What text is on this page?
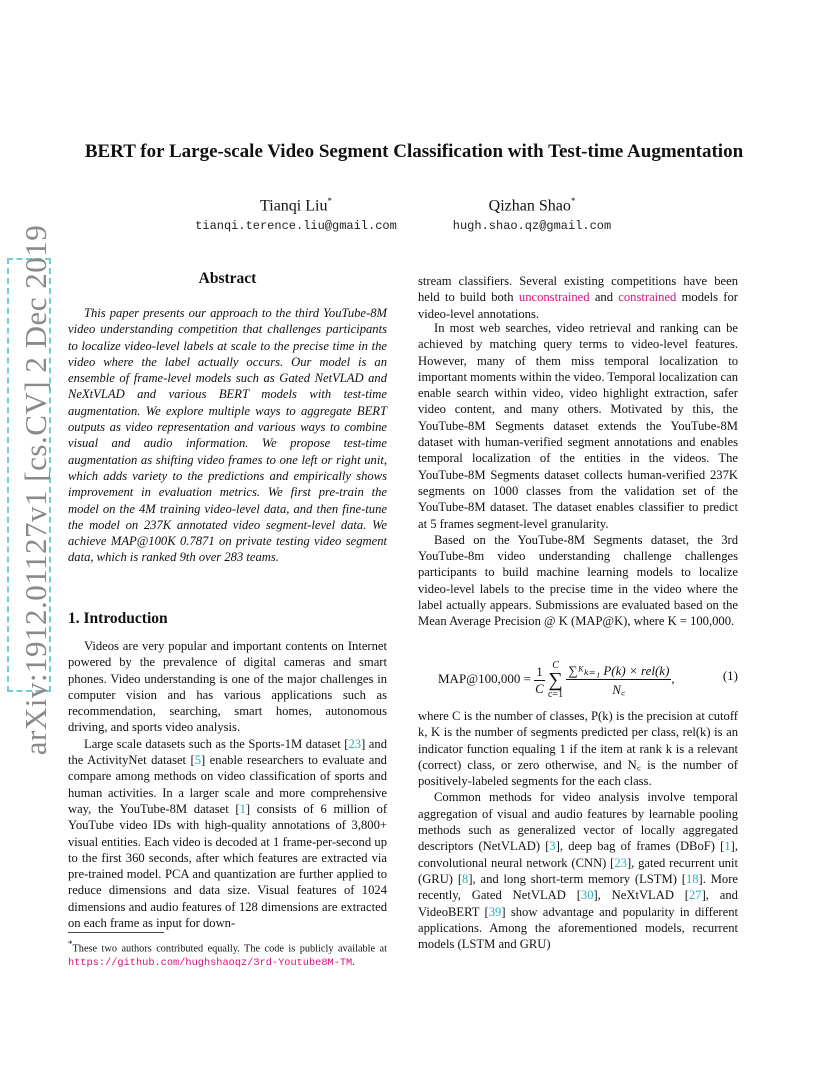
arXiv:1912.01127v1 [cs.CV] 2 Dec 2019
BERT for Large-scale Video Segment Classification with Test-time Augmentation
Tianqi Liu*
tianqi.terence.liu@gmail.com
Qizhan Shao*
hugh.shao.qz@gmail.com
Abstract
This paper presents our approach to the third YouTube-8M video understanding competition that challenges participants to localize video-level labels at scale to the precise time in the video where the label actually occurs. Our model is an ensemble of frame-level models such as Gated NetVLAD and NeXtVLAD and various BERT models with test-time augmentation. We explore multiple ways to aggregate BERT outputs as video representation and various ways to combine visual and audio information. We propose test-time augmentation as shifting video frames to one left or right unit, which adds variety to the predictions and empirically shows improvement in evaluation metrics. We first pre-train the model on the 4M training video-level data, and then fine-tune the model on 237K annotated video segment-level data. We achieve MAP@100K 0.7871 on private testing video segment data, which is ranked 9th over 283 teams.
1. Introduction

Videos are very popular and important contents on Internet powered by the prevalence of digital cameras and smart phones. Video understanding is one of the major challenges in computer vision and has various applications such as recommendation, searching, smart homes, autonomous driving, and sports video analysis.

Large scale datasets such as the Sports-1M dataset [23] and the ActivityNet dataset [5] enable researchers to evaluate and compare among methods on video classification of sports and human activities. In a larger scale and more comprehensive way, the YouTube-8M dataset [1] consists of 6 million of YouTube video IDs with high-quality annotations of 3,800+ visual entities. Each video is decoded at 1 frame-per-second up to the first 360 seconds, after which features are extracted via pre-trained model. PCA and quantization are further applied to reduce dimensions and data size. Visual features of 1024 dimensions and audio features of 128 dimensions are extracted on each frame as input for down-

*These two authors contributed equally. The code is publicly available at https://github.com/hughshaoqz/3rd-Youtube8M-TM.
stream classifiers. Several existing competitions have been held to build both unconstrained and constrained models for video-level annotations.

In most web searches, video retrieval and ranking can be achieved by matching query terms to video-level features. However, many of them miss temporal localization to important moments within the video. Temporal localization can enable search within video, video highlight extraction, safer video content, and many others. Motivated by this, the YouTube-8M Segments dataset extends the YouTube-8M dataset with human-verified segment annotations and enables temporal localization of the entities in the videos. The YouTube-8M Segments dataset collects human-verified 237K segments on 1000 classes from the validation set of the YouTube-8M dataset. The dataset enables classifier to predict at 5 frames segment-level granularity.

Based on the YouTube-8M Segments dataset, the 3rd YouTube-8m video understanding challenge challenges participants to build machine learning models to localize video-level labels to the precise time in the video where the label actually appears. Submissions are evaluated based on the Mean Average Precision @ K (MAP@K), where K = 100,000.

MAP@100,000 = $\frac{1}{C}$ C
∑
$c=1 \frac{\text{∑ᴷₖ₌₁ P(k) × rel(k)}}{N꜀}$ ,	(1)

where C is the number of classes, P(k) is the precision at cutoff k, K is the number of segments predicted per class, rel(k) is an indicator function equaling 1 if the item at rank k is a relevant (correct) class, or zero otherwise, and N꜀ is the number of positively-labeled segments for the each class.

Common methods for video analysis involve temporal aggregation of visual and audio features by learnable pooling methods such as generalized vector of locally aggregated descriptors (NetVLAD) [3], deep bag of frames (DBoF) [1], convolutional neural network (CNN) [23], gated recurrent unit (GRU) [8], and long short-term memory (LSTM) [18]. More recently, Gated NetVLAD [30], NeXtVLAD [27], and VideoBERT [39] show advantage and popularity in different applications. Among the aforementioned models, recurrent models (LSTM and GRU)
